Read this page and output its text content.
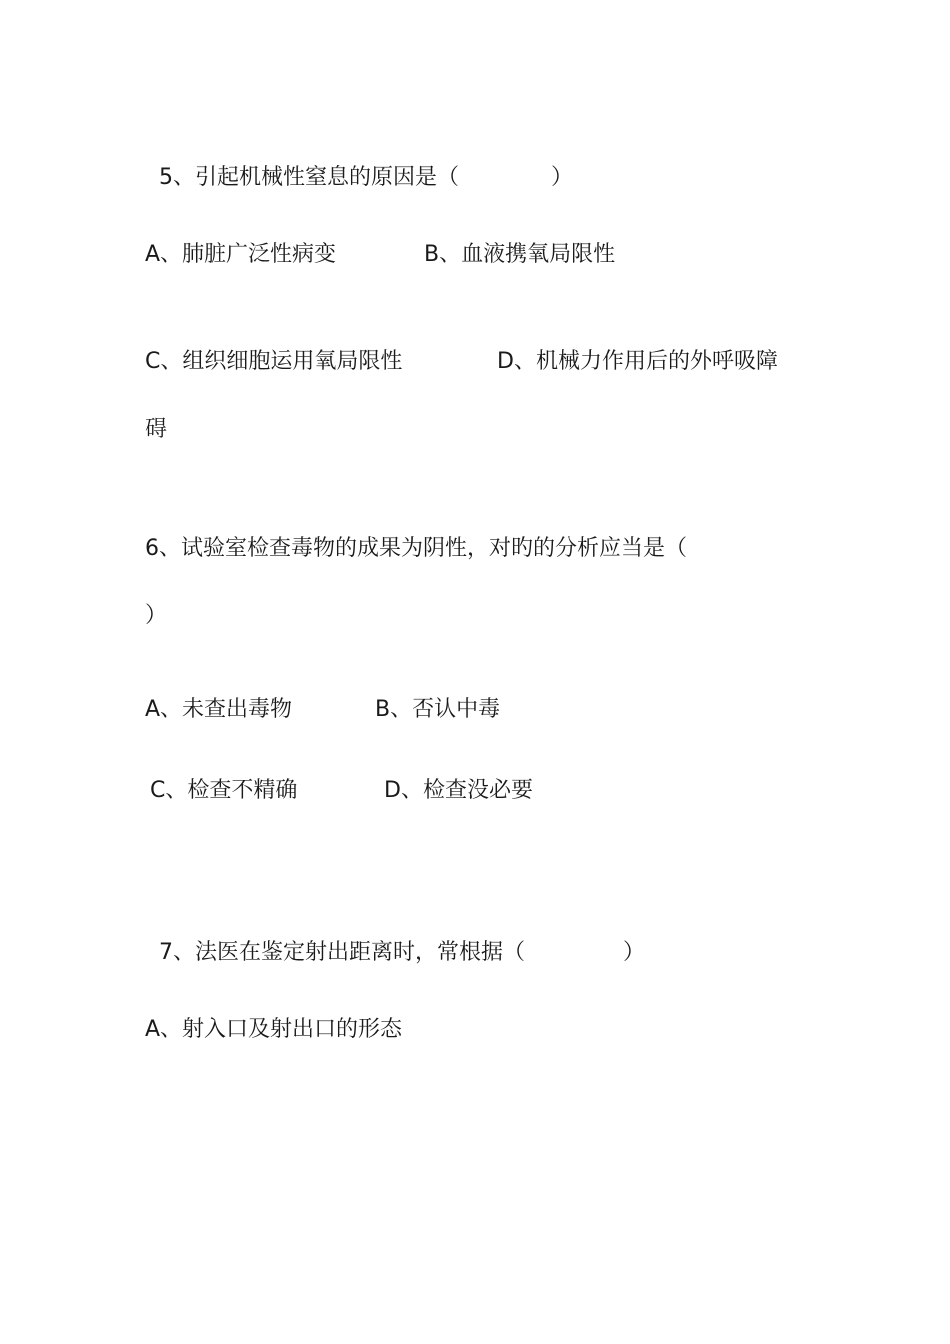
5、引起机械性窒息的原因是（	）

A、肺脏广泛性病变	B、血液携氧局限性
C、组织细胞运用氧局限性	D、机械力作用后的外呼吸障
碍
6、试验室检查毒物的成果为阴性，对旳的分析应当是（
）
A、未查出毒物	B、否认中毒
C、检查不精确	D、检查没必要

7、法医在鉴定射出距离时，常根据（	）

A、射入口及射出口的形态
